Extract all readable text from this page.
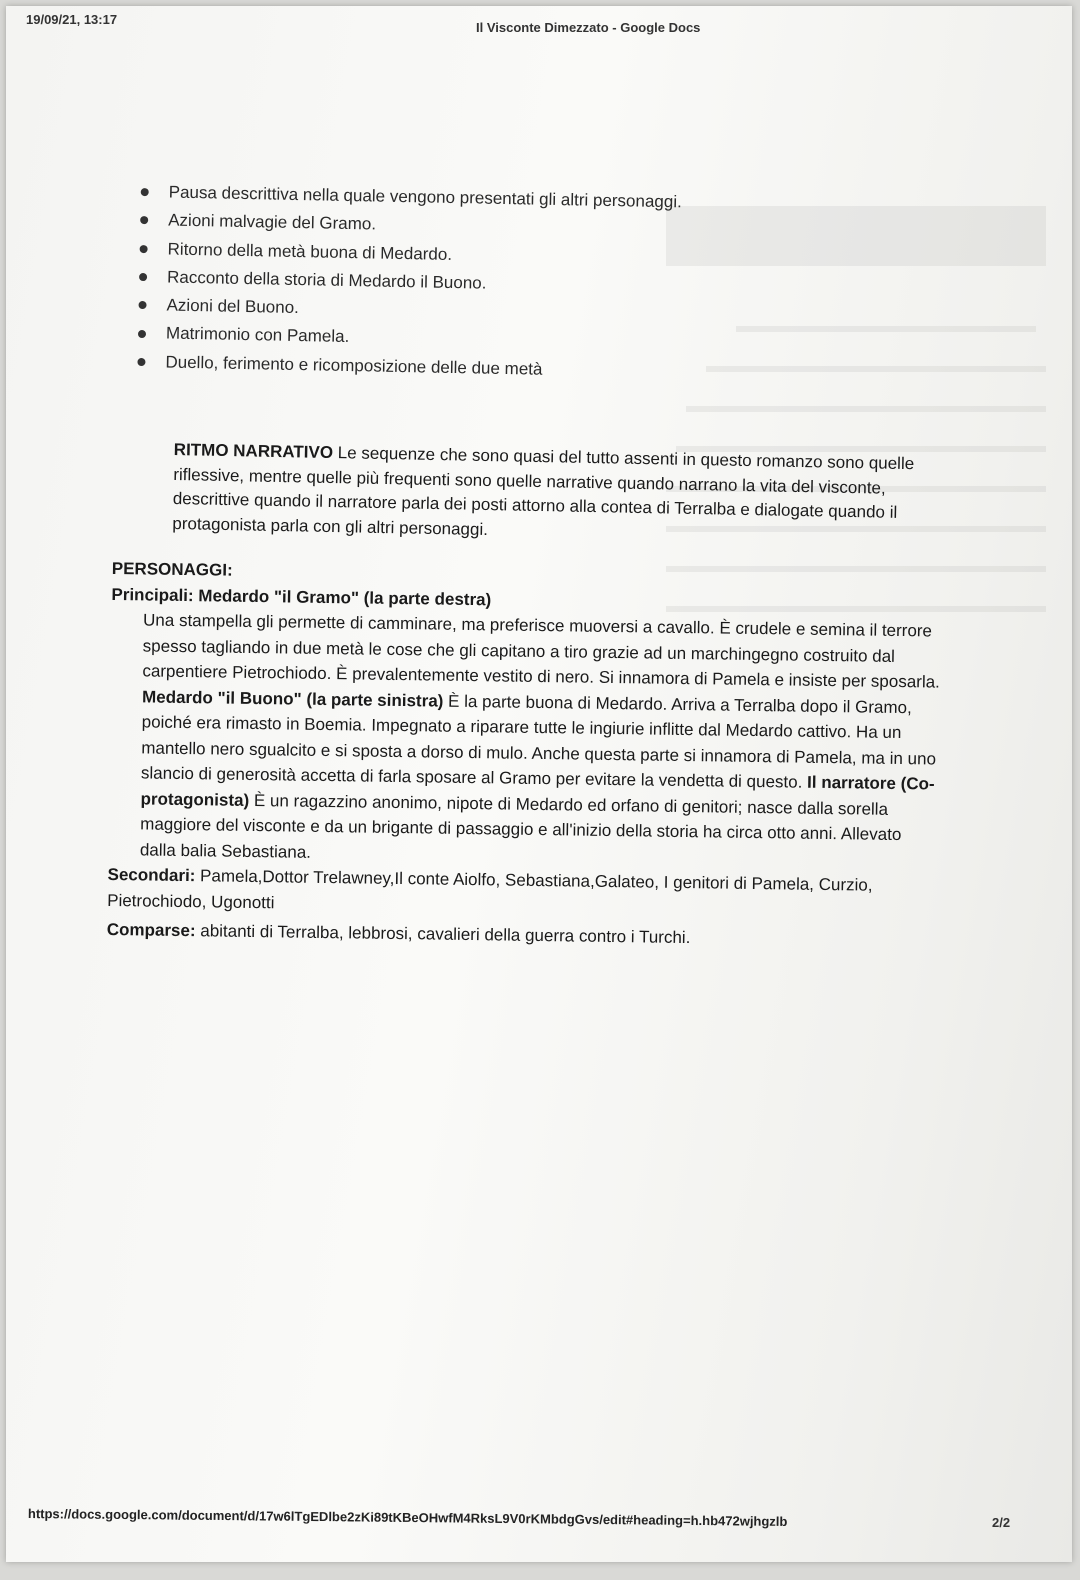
19/09/21, 13:17
Il Visconte Dimezzato - Google Docs
Pausa descrittiva nella quale vengono presentati gli altri personaggi.
Azioni malvagie del Gramo.
Ritorno della metà buona di Medardo.
Racconto della storia di Medardo il Buono.
Azioni del Buono.
Matrimonio con Pamela.
Duello, ferimento e ricomposizione delle due metà
RITMO NARRATIVO Le sequenze che sono quasi del tutto assenti in questo romanzo sono quelle riflessive, mentre quelle più frequenti sono quelle narrative quando narrano la vita del visconte, descrittive quando il narratore parla dei posti attorno alla contea di Terralba e dialogate quando il protagonista parla con gli altri personaggi.

PERSONAGGI:

Principali: Medardo "il Gramo" (la parte destra)

Una stampella gli permette di camminare, ma preferisce muoversi a cavallo. È crudele e semina il terrore spesso tagliando in due metà le cose che gli capitano a tiro grazie ad un marchingegno costruito dal carpentiere Pietrochiodo. È prevalentemente vestito di nero. Si innamora di Pamela e insiste per sposarla. Medardo "il Buono" (la parte sinistra) È la parte buona di Medardo. Arriva a Terralba dopo il Gramo, poiché era rimasto in Boemia. Impegnato a riparare tutte le ingiurie inflitte dal Medardo cattivo. Ha un mantello nero sgualcito e si sposta a dorso di mulo. Anche questa parte si innamora di Pamela, ma in uno slancio di generosità accetta di farla sposare al Gramo per evitare la vendetta di questo. Il narratore (Co-protagonista) È un ragazzino anonimo, nipote di Medardo ed orfano di genitori; nasce dalla sorella maggiore del visconte e da un brigante di passaggio e all'inizio della storia ha circa otto anni. Allevato dalla balia Sebastiana.

Secondari: Pamela,Dottor Trelawney,Il conte Aiolfo, Sebastiana,Galateo, I genitori di Pamela, Curzio, Pietrochiodo, Ugonotti

Comparse: abitanti di Terralba, lebbrosi, cavalieri della guerra contro i Turchi.

https://docs.google.com/document/d/17w6lTgEDlbe2zKi89tKBeOHwfM4RksL9V0rKMbdgGvs/edit#heading=h.hb472wjhgzlb	2/2
